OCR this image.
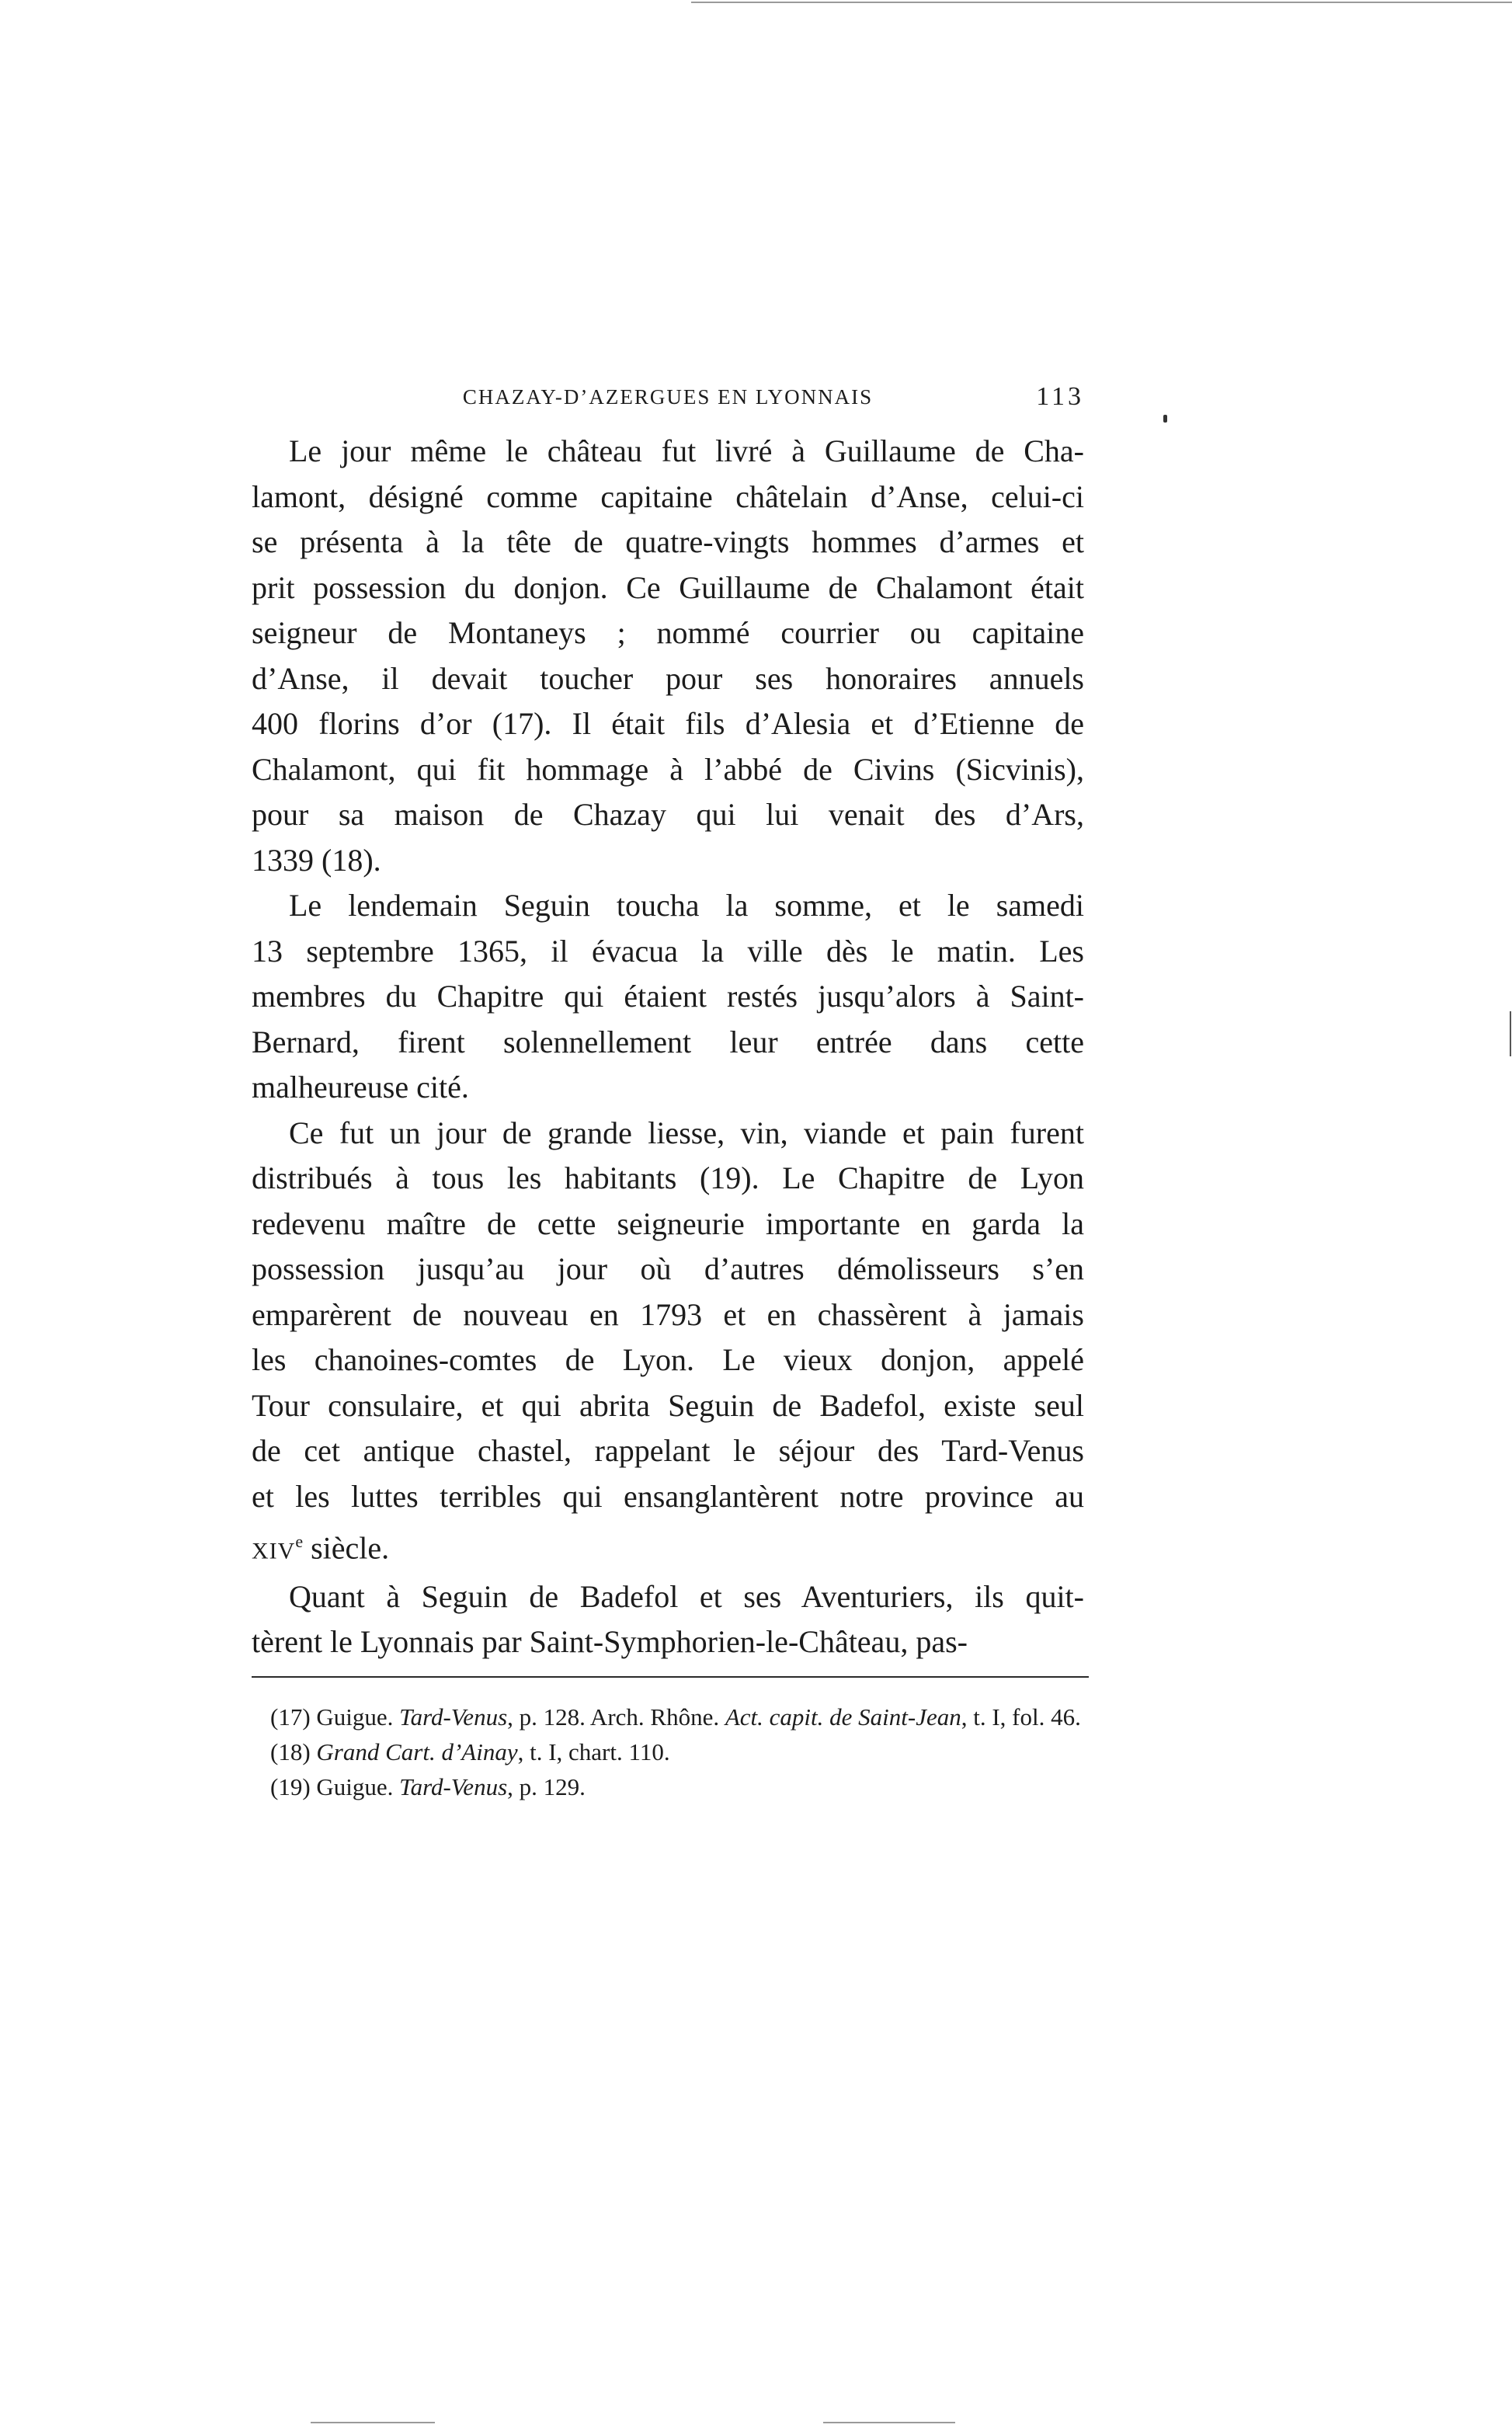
CHAZAY-D’AZERGUES EN LYONNAIS	113
Le jour même le château fut livré à Guillaume de Cha-
lamont, désigné comme capitaine châtelain d’Anse, celui-ci
se présenta à la tête de quatre-vingts hommes d’armes et
prit possession du donjon. Ce Guillaume de Chalamont était
seigneur de Montaneys ; nommé courrier ou capitaine
d’Anse, il devait toucher pour ses honoraires annuels
400 florins d’or (17). Il était fils d’Alesia et d’Etienne de
Chalamont, qui fit hommage à l’abbé de Civins (Sicvinis),
pour sa maison de Chazay qui lui venait des d’Ars,
1339 (18).
Le lendemain Seguin toucha la somme, et le samedi
13 septembre 1365, il évacua la ville dès le matin. Les
membres du Chapitre qui étaient restés jusqu’alors à Saint-
Bernard, firent solennellement leur entrée dans cette
malheureuse cité.
Ce fut un jour de grande liesse, vin, viande et pain furent
distribués à tous les habitants (19). Le Chapitre de Lyon
redevenu maître de cette seigneurie importante en garda la
possession jusqu’au jour où d’autres démolisseurs s’en
emparèrent de nouveau en 1793 et en chassèrent à jamais
les chanoines-comtes de Lyon. Le vieux donjon, appelé
Tour consulaire, et qui abrita Seguin de Badefol, existe seul
de cet antique chastel, rappelant le séjour des Tard-Venus
et les luttes terribles qui ensanglantèrent notre province au
XIVe siècle.
Quant à Seguin de Badefol et ses Aventuriers, ils quit-
tèrent le Lyonnais par Saint-Symphorien-le-Château, pas-

(17) Guigue. Tard-Venus, p. 128. Arch. Rhône. Act. capit. de Saint-Jean, t. I, fol. 46.

(18) Grand Cart. d’Ainay, t. I, chart. 110.

(19) Guigue. Tard-Venus, p. 129.
